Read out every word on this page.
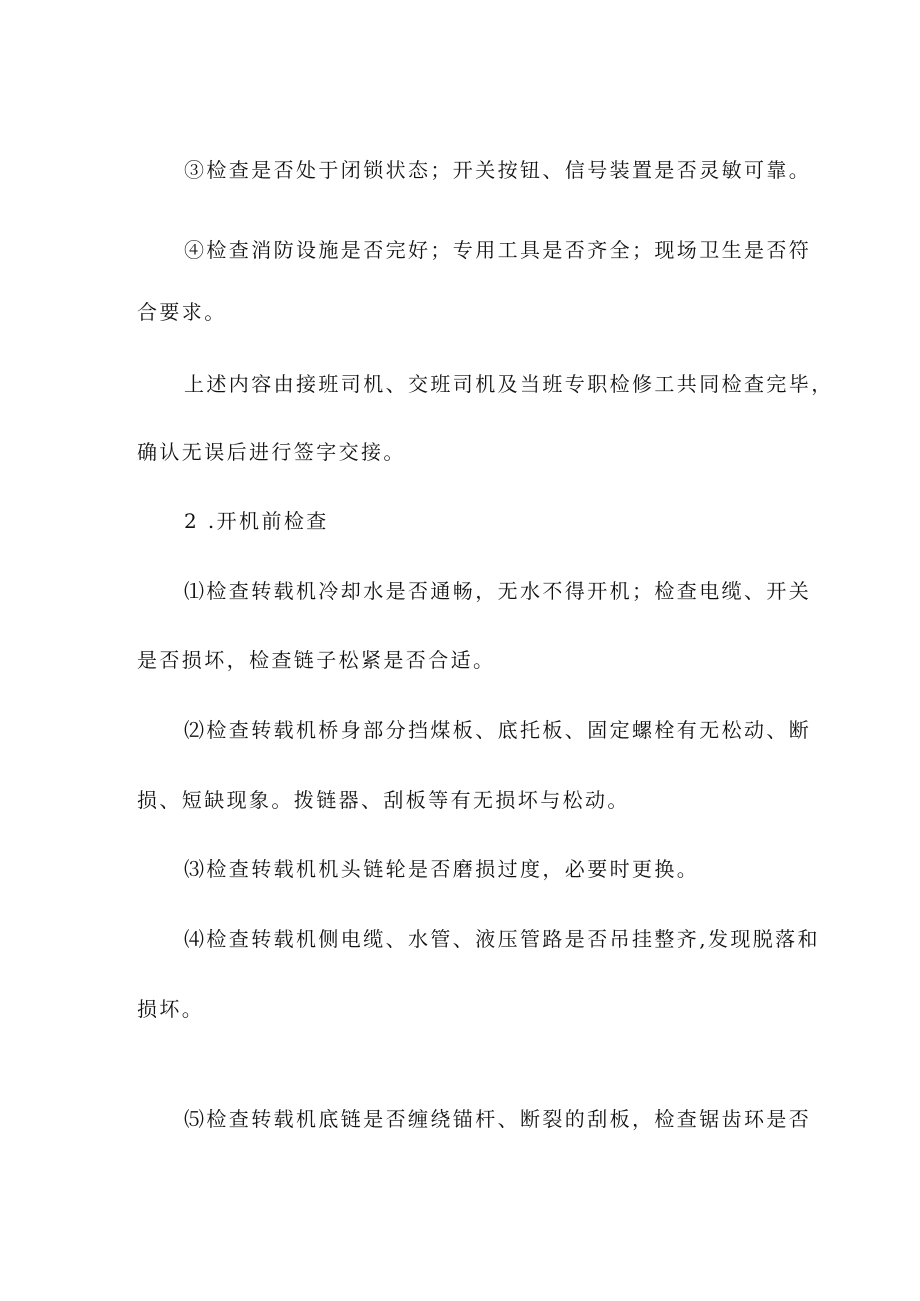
③检查是否处于闭锁状态；开关按钮、信号装置是否灵敏可靠。
④检查消防设施是否完好；专用工具是否齐全；现场卫生是否符
合要求。
上述内容由接班司机、交班司机及当班专职检修工共同检查完毕，
确认无误后进行签字交接。
2 .开机前检查
⑴检查转载机冷却水是否通畅，无水不得开机；检查电缆、开关
是否损坏，检查链子松紧是否合适。
⑵检查转载机桥身部分挡煤板、底托板、固定螺栓有无松动、断
损、短缺现象。拨链器、刮板等有无损坏与松动。
⑶检查转载机机头链轮是否磨损过度，必要时更换。
⑷检查转载机侧电缆、水管、液压管路是否吊挂整齐,发现脱落和
损坏。
⑸检查转载机底链是否缠绕锚杆、断裂的刮板，检查锯齿环是否
